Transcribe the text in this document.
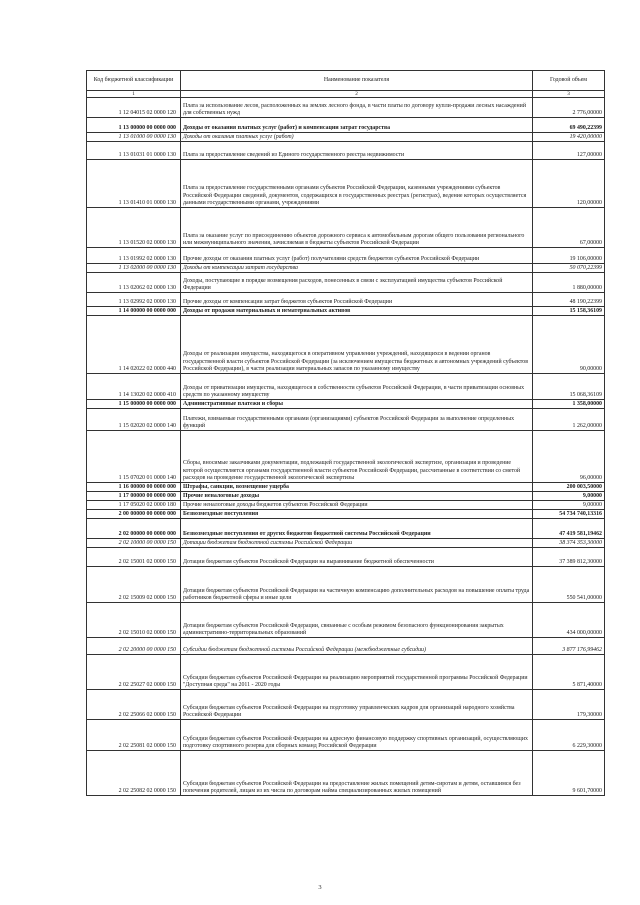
Код бюджетной классификации	Наименование показателя	Годовой объем
1	2	3
1 12 04015 02 0000 120	Плата за использование лесов, расположенных на землях лесного фонда, в части платы по договору купли-продажи лесных насаждений для собственных нужд	2 776,00000
1 13 00000 00 0000 000	Доходы от оказания платных услуг (работ) и компенсации затрат государства	69 490,22399
1 13 01000 00 0000 130	Доходы от оказания платных услуг (работ)	19 420,00000
1 13 01031 01 0000 130	Плата за предоставление сведений из Единого государственного реестра недвижимости	127,00000
1 13 01410 01 0000 130	Плата за предоставление государственными органами субъектов Российской Федерации, казенными учреждениями субъектов Российской Федерации сведений, документов, содержащихся в государственных реестрах (регистрах), ведение которых осуществляется данными государственными органами, учреждениями	120,00000
1 13 01520 02 0000 130	Плата за оказание услуг по присоединению объектов дорожного сервиса к автомобильным дорогам общего пользования регионального или межмуниципального значения, зачисляемая в бюджеты субъектов Российской Федерации	67,00000
1 13 01992 02 0000 130	Прочие доходы от оказания платных услуг (работ) получателями средств бюджетов субъектов Российской Федерации	19 106,00000
1 13 02000 00 0000 130	Доходы от компенсации затрат государства	50 070,22399
1 13 02062 02 0000 130	Доходы, поступающие в порядке возмещения расходов, понесенных в связи с эксплуатацией имущества субъектов Российской Федерации	1 880,00000
1 13 02992 02 0000 130	Прочие доходы от компенсации затрат бюджетов субъектов Российской Федерации	48 190,22399
1 14 00000 00 0000 000	Доходы от продажи материальных и нематериальных активов	15 158,36109
1 14 02022 02 0000 440	Доходы от реализации имущества, находящегося в оперативном управлении учреждений, находящихся в ведении органов государственной власти субъектов Российской Федерации (за исключением имущества бюджетных и автономных учреждений субъектов Российской Федерации), в части реализации материальных запасов по указанному имуществу	90,00000
1 14 13020 02 0000 410	Доходы от приватизации имущества, находящегося в собственности субъектов Российской Федерации, в части приватизации основных средств по указанному имуществу	15 068,36109
1 15 00000 00 0000 000	Административные платежи и сборы	1 358,00000
1 15 02020 02 0000 140	Платежи, взимаемые государственными органами (организациями) субъектов Российской Федерации за выполнение определенных функций	1 262,00000
1 15 07020 01 0000 140	Сборы, вносимые заказчиками документации, подлежащей государственной экологической экспертизе, организация и проведение которой осуществляется органами государственной власти субъектов Российской Федерации, рассчитанные в соответствии со сметой расходов на проведение государственной экологической экспертизы	96,00000
1 16 00000 00 0000 000	Штрафы, санкции, возмещение ущерба	200 003,50000
1 17 00000 00 0000 000	Прочие неналоговые доходы	9,00000
1 17 05020 02 0000 180	Прочие неналоговые доходы бюджетов субъектов Российской Федерации	9,00000
2 00 00000 00 0000 000	Безвозмездные поступления	54 734 740,13316
2 02 00000 00 0000 000	Безвозмездные поступления от других бюджетов бюджетной системы Российской Федерации	47 419 581,19462
2 02 10000 00 0000 150	Дотации бюджетам бюджетной системы Российской Федерации	38 374 353,30000
2 02 15001 02 0000 150	Дотации бюджетам субъектов Российской Федерации на выравнивание бюджетной обеспеченности	37 389 812,30000
2 02 15009 02 0000 150	Дотации бюджетам субъектов Российской Федерации на частичную компенсацию дополнительных расходов на повышение оплаты труда работников бюджетной сферы и иные цели	550 541,00000
2 02 15010 02 0000 150	Дотации бюджетам субъектов Российской Федерации, связанные с особым режимом безопасного функционирования закрытых административно-территориальных образований	434 000,00000
2 02 20000 00 0000 150	Субсидии бюджетам бюджетной системы Российской Федерации (межбюджетные субсидии)	3 877 176,99462
2 02 25027 02 0000 150	Субсидии бюджетам субъектов Российской Федерации на реализацию мероприятий государственной программы Российской Федерации "Доступная среда" на 2011 - 2020 годы	5 871,40000
2 02 25066 02 0000 150	Субсидии бюджетам субъектов Российской Федерации на подготовку управленческих кадров для организаций народного хозяйства Российской Федерации	179,30000
2 02 25081 02 0000 150	Субсидии бюджетам субъектов Российской Федерации на адресную финансовую поддержку спортивных организаций, осуществляющих подготовку спортивного резерва для сборных команд Российской Федерации	6 229,30000
2 02 25082 02 0000 150	Субсидии бюджетам субъектов Российской Федерации на предоставление жилых помещений детям-сиротам и детям, оставшимся без попечения родителей, лицам из их числа по договорам найма специализированных жилых помещений	9 601,70000
3
